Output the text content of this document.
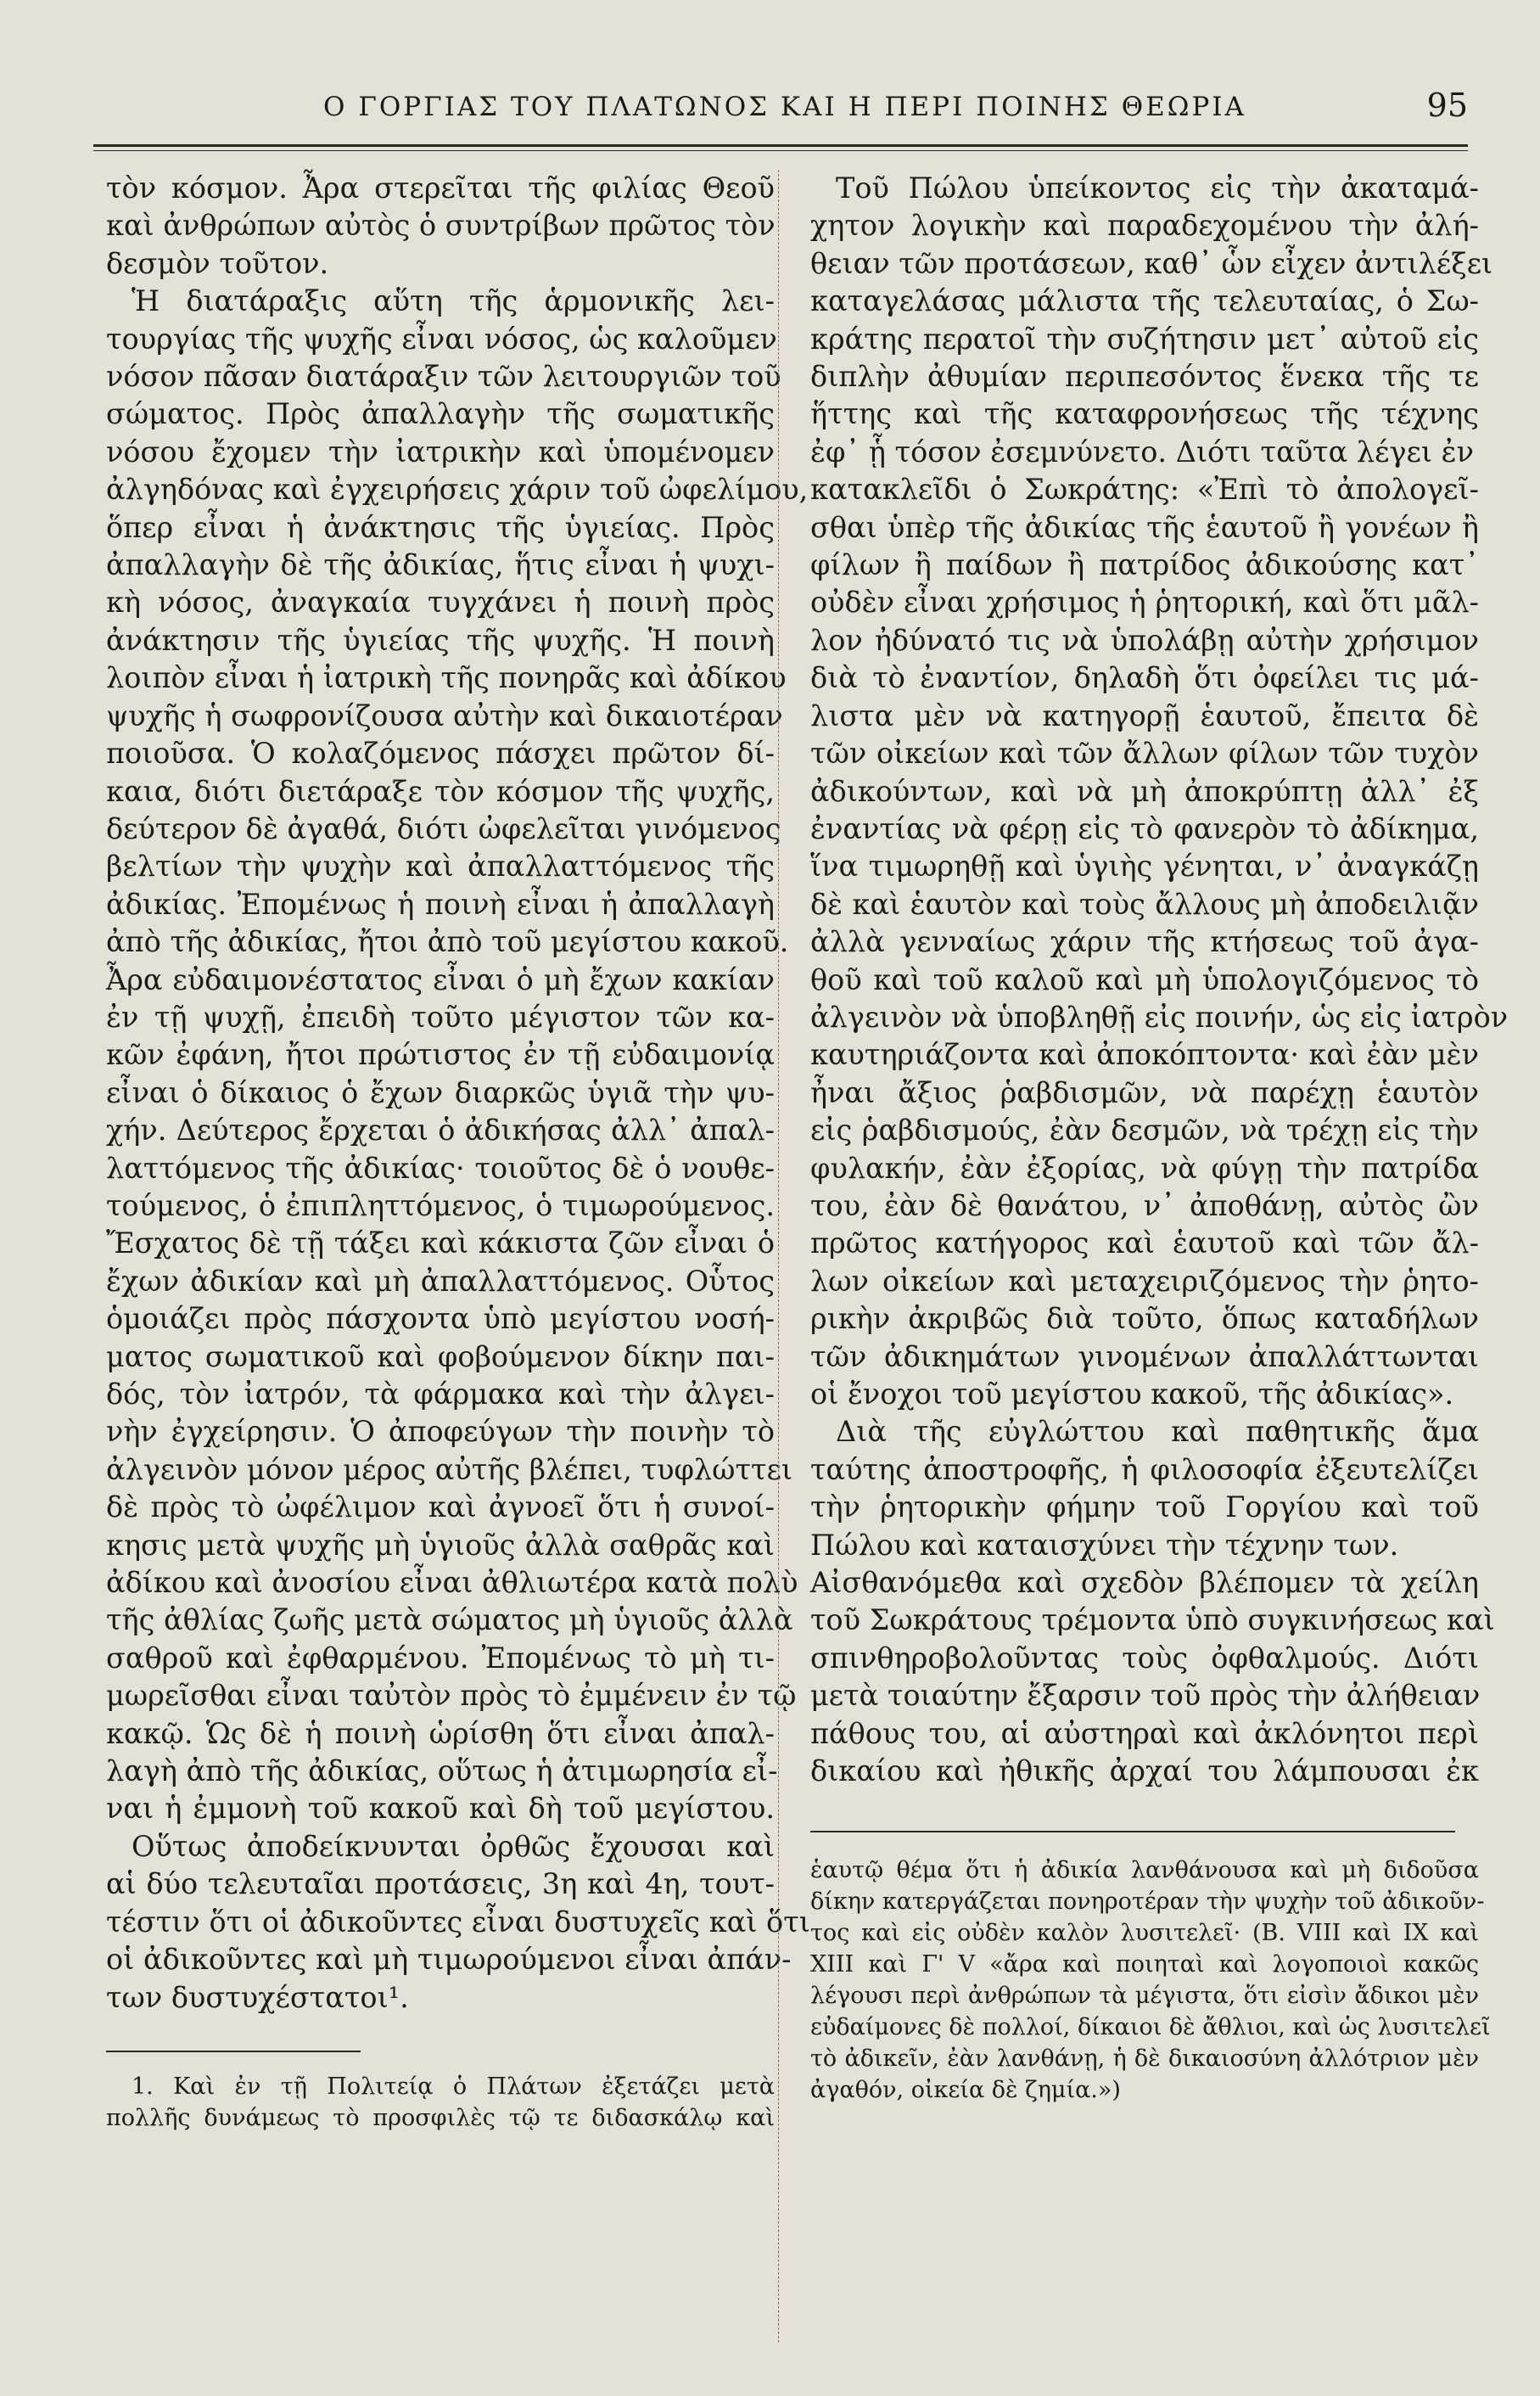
Ο ΓΟΡΓΙΑΣ ΤΟΥ ΠΛΑΤΩΝΟΣ ΚΑΙ Η ΠΕΡΙ ΠΟΙΝΗΣ ΘΕΩΡΙΑ	95
τὸν κόσμον. Ἆρα στερεῖται τῆς φιλίας Θεοῦ
καὶ ἀνθρώπων αὐτὸς ὁ συντρίβων πρῶτος τὸν
δεσμὸν τοῦτον.
Ἡ διατάραξις αὕτη τῆς ἁρμονικῆς λει-
τουργίας τῆς ψυχῆς εἶναι νόσος, ὡς καλοῦμεν
νόσον πᾶσαν διατάραξιν τῶν λειτουργιῶν τοῦ
σώματος. Πρὸς ἀπαλλαγὴν τῆς σωματικῆς
νόσου ἔχομεν τὴν ἰατρικὴν καὶ ὑπομένομεν
ἀλγηδόνας καὶ ἐγχειρήσεις χάριν τοῦ ὠφελίμου,
ὅπερ εἶναι ἡ ἀνάκτησις τῆς ὑγιείας. Πρὸς
ἀπαλλαγὴν δὲ τῆς ἀδικίας, ἥτις εἶναι ἡ ψυχι-
κὴ νόσος, ἀναγκαία τυγχάνει ἡ ποινὴ πρὸς
ἀνάκτησιν τῆς ὑγιείας τῆς ψυχῆς. Ἡ ποινὴ
λοιπὸν εἶναι ἡ ἰατρικὴ τῆς πονηρᾶς καὶ ἀδίκου
ψυχῆς ἡ σωφρονίζουσα αὐτὴν καὶ δικαιοτέραν
ποιοῦσα. Ὁ κολαζόμενος πάσχει πρῶτον δί-
καια, διότι διετάραξε τὸν κόσμον τῆς ψυχῆς,
δεύτερον δὲ ἀγαθά, διότι ὠφελεῖται γινόμενος
βελτίων τὴν ψυχὴν καὶ ἀπαλλαττόμενος τῆς
ἀδικίας. Ἐπομένως ἡ ποινὴ εἶναι ἡ ἀπαλλαγὴ
ἀπὸ τῆς ἀδικίας, ἤτοι ἀπὸ τοῦ μεγίστου κακοῦ.
Ἆρα εὐδαιμονέστατος εἶναι ὁ μὴ ἔχων κακίαν
ἐν τῇ ψυχῇ, ἐπειδὴ τοῦτο μέγιστον τῶν κα-
κῶν ἐφάνη, ἤτοι πρώτιστος ἐν τῇ εὐδαιμονίᾳ
εἶναι ὁ δίκαιος ὁ ἔχων διαρκῶς ὑγιᾶ τὴν ψυ-
χήν. Δεύτερος ἔρχεται ὁ ἀδικήσας ἀλλ᾽ ἀπαλ-
λαττόμενος τῆς ἀδικίας· τοιοῦτος δὲ ὁ νουθε-
τούμενος, ὁ ἐπιπληττόμενος, ὁ τιμωρούμενος.
Ἔσχατος δὲ τῇ τάξει καὶ κάκιστα ζῶν εἶναι ὁ
ἔχων ἀδικίαν καὶ μὴ ἀπαλλαττόμενος. Οὗτος
ὁμοιάζει πρὸς πάσχοντα ὑπὸ μεγίστου νοσή-
ματος σωματικοῦ καὶ φοβούμενον δίκην παι-
δός, τὸν ἰατρόν, τὰ φάρμακα καὶ τὴν ἀλγει-
νὴν ἐγχείρησιν. Ὁ ἀποφεύγων τὴν ποινὴν τὸ
ἀλγεινὸν μόνον μέρος αὐτῆς βλέπει, τυφλώττει
δὲ πρὸς τὸ ὠφέλιμον καὶ ἀγνοεῖ ὅτι ἡ συνοί-
κησις μετὰ ψυχῆς μὴ ὑγιοῦς ἀλλὰ σαθρᾶς καὶ
ἀδίκου καὶ ἀνοσίου εἶναι ἀθλιωτέρα κατὰ πολὺ
τῆς ἀθλίας ζωῆς μετὰ σώματος μὴ ὑγιοῦς ἀλλὰ
σαθροῦ καὶ ἐφθαρμένου. Ἐπομένως τὸ μὴ τι-
μωρεῖσθαι εἶναι ταὐτὸν πρὸς τὸ ἐμμένειν ἐν τῷ
κακῷ. Ὡς δὲ ἡ ποινὴ ὡρίσθη ὅτι εἶναι ἀπαλ-
λαγὴ ἀπὸ τῆς ἀδικίας, οὕτως ἡ ἀτιμωρησία εἶ-
ναι ἡ ἐμμονὴ τοῦ κακοῦ καὶ δὴ τοῦ μεγίστου.
Οὕτως ἀποδείκνυνται ὀρθῶς ἔχουσαι καὶ
αἱ δύο τελευταῖαι προτάσεις, 3η καὶ 4η, τουτ-
τέστιν ὅτι οἱ ἀδικοῦντες εἶναι δυστυχεῖς καὶ ὅτι
οἱ ἀδικοῦντες καὶ μὴ τιμωρούμενοι εἶναι ἀπάν-
των δυστυχέστατοι¹.
1. Καὶ ἐν τῇ Πολιτείᾳ ὁ Πλάτων ἐξετάζει μετὰ
πολλῆς δυνάμεως τὸ προσφιλὲς τῷ τε διδασκάλῳ καὶ
Τοῦ Πώλου ὑπείκοντος εἰς τὴν ἀκαταμά-
χητον λογικὴν καὶ παραδεχομένου τὴν ἀλή-
θειαν τῶν προτάσεων, καθ᾽ ὧν εἶχεν ἀντιλέξει
καταγελάσας μάλιστα τῆς τελευταίας, ὁ Σω-
κράτης περατοῖ τὴν συζήτησιν μετ᾽ αὐτοῦ εἰς
διπλὴν ἀθυμίαν περιπεσόντος ἕνεκα τῆς τε
ἥττης καὶ τῆς καταφρονήσεως τῆς τέχνης
ἐφ᾽ ᾗ τόσον ἐσεμνύνετο. Διότι ταῦτα λέγει ἐν
κατακλεῖδι ὁ Σωκράτης: «Ἐπὶ τὸ ἀπολογεῖ-
σθαι ὑπὲρ τῆς ἀδικίας τῆς ἑαυτοῦ ἢ γονέων ἢ
φίλων ἢ παίδων ἢ πατρίδος ἀδικούσης κατ᾽
οὐδὲν εἶναι χρήσιμος ἡ ῥητορική, καὶ ὅτι μᾶλ-
λον ἠδύνατό τις νὰ ὑπολάβῃ αὐτὴν χρήσιμον
διὰ τὸ ἐναντίον, δηλαδὴ ὅτι ὀφείλει τις μά-
λιστα μὲν νὰ κατηγορῇ ἑαυτοῦ, ἔπειτα δὲ
τῶν οἰκείων καὶ τῶν ἄλλων φίλων τῶν τυχὸν
ἀδικούντων, καὶ νὰ μὴ ἀποκρύπτῃ ἀλλ᾽ ἐξ
ἐναντίας νὰ φέρῃ εἰς τὸ φανερὸν τὸ ἀδίκημα,
ἵνα τιμωρηθῇ καὶ ὑγιὴς γένηται, ν᾽ ἀναγκάζῃ
δὲ καὶ ἑαυτὸν καὶ τοὺς ἄλλους μὴ ἀποδειλιᾷν
ἀλλὰ γενναίως χάριν τῆς κτήσεως τοῦ ἀγα-
θοῦ καὶ τοῦ καλοῦ καὶ μὴ ὑπολογιζόμενος τὸ
ἀλγεινὸν νὰ ὑποβληθῇ εἰς ποινήν, ὡς εἰς ἰατρὸν
καυτηριάζοντα καὶ ἀποκόπτοντα· καὶ ἐὰν μὲν
ἦναι ἄξιος ῥαβδισμῶν, νὰ παρέχῃ ἑαυτὸν
εἰς ῥαβδισμούς, ἐὰν δεσμῶν, νὰ τρέχῃ εἰς τὴν
φυλακήν, ἐὰν ἐξορίας, νὰ φύγῃ τὴν πατρίδα
του, ἐὰν δὲ θανάτου, ν᾽ ἀποθάνῃ, αὐτὸς ὢν
πρῶτος κατήγορος καὶ ἑαυτοῦ καὶ τῶν ἄλ-
λων οἰκείων καὶ μεταχειριζόμενος τὴν ῥητο-
ρικὴν ἀκριβῶς διὰ τοῦτο, ὅπως καταδήλων
τῶν ἀδικημάτων γινομένων ἀπαλλάττωνται
οἱ ἔνοχοι τοῦ μεγίστου κακοῦ, τῆς ἀδικίας».
Διὰ τῆς εὐγλώττου καὶ παθητικῆς ἅμα
ταύτης ἀποστροφῆς, ἡ φιλοσοφία ἐξευτελίζει
τὴν ῥητορικὴν φήμην τοῦ Γοργίου καὶ τοῦ
Πώλου καὶ καταισχύνει τὴν τέχνην των.
Αἰσθανόμεθα καὶ σχεδὸν βλέπομεν τὰ χείλη
τοῦ Σωκράτους τρέμοντα ὑπὸ συγκινήσεως καὶ
σπινθηροβολοῦντας τοὺς ὀφθαλμούς. Διότι
μετὰ τοιαύτην ἔξαρσιν τοῦ πρὸς τὴν ἀλήθειαν
πάθους του, αἱ αὐστηραὶ καὶ ἀκλόνητοι περὶ
δικαίου καὶ ἠθικῆς ἀρχαί του λάμπουσαι ἐκ
ἑαυτῷ θέμα ὅτι ἡ ἀδικία λανθάνουσα καὶ μὴ διδοῦσα
δίκην κατεργάζεται πονηροτέραν τὴν ψυχὴν τοῦ ἀδικοῦν-
τος καὶ εἰς οὐδὲν καλὸν λυσιτελεῖ· (Β. VIII καὶ IX καὶ
XIII καὶ Γ' V «ἄρα καὶ ποιηταὶ καὶ λογοποιοὶ κακῶς
λέγουσι περὶ ἀνθρώπων τὰ μέγιστα, ὅτι εἰσὶν ἄδικοι μὲν
εὐδαίμονες δὲ πολλοί, δίκαιοι δὲ ἄθλιοι, καὶ ὡς λυσιτελεῖ
τὸ ἀδικεῖν, ἐὰν λανθάνῃ, ἡ δὲ δικαιοσύνη ἀλλότριον μὲν
ἀγαθόν, οἰκεία δὲ ζημία.»)
